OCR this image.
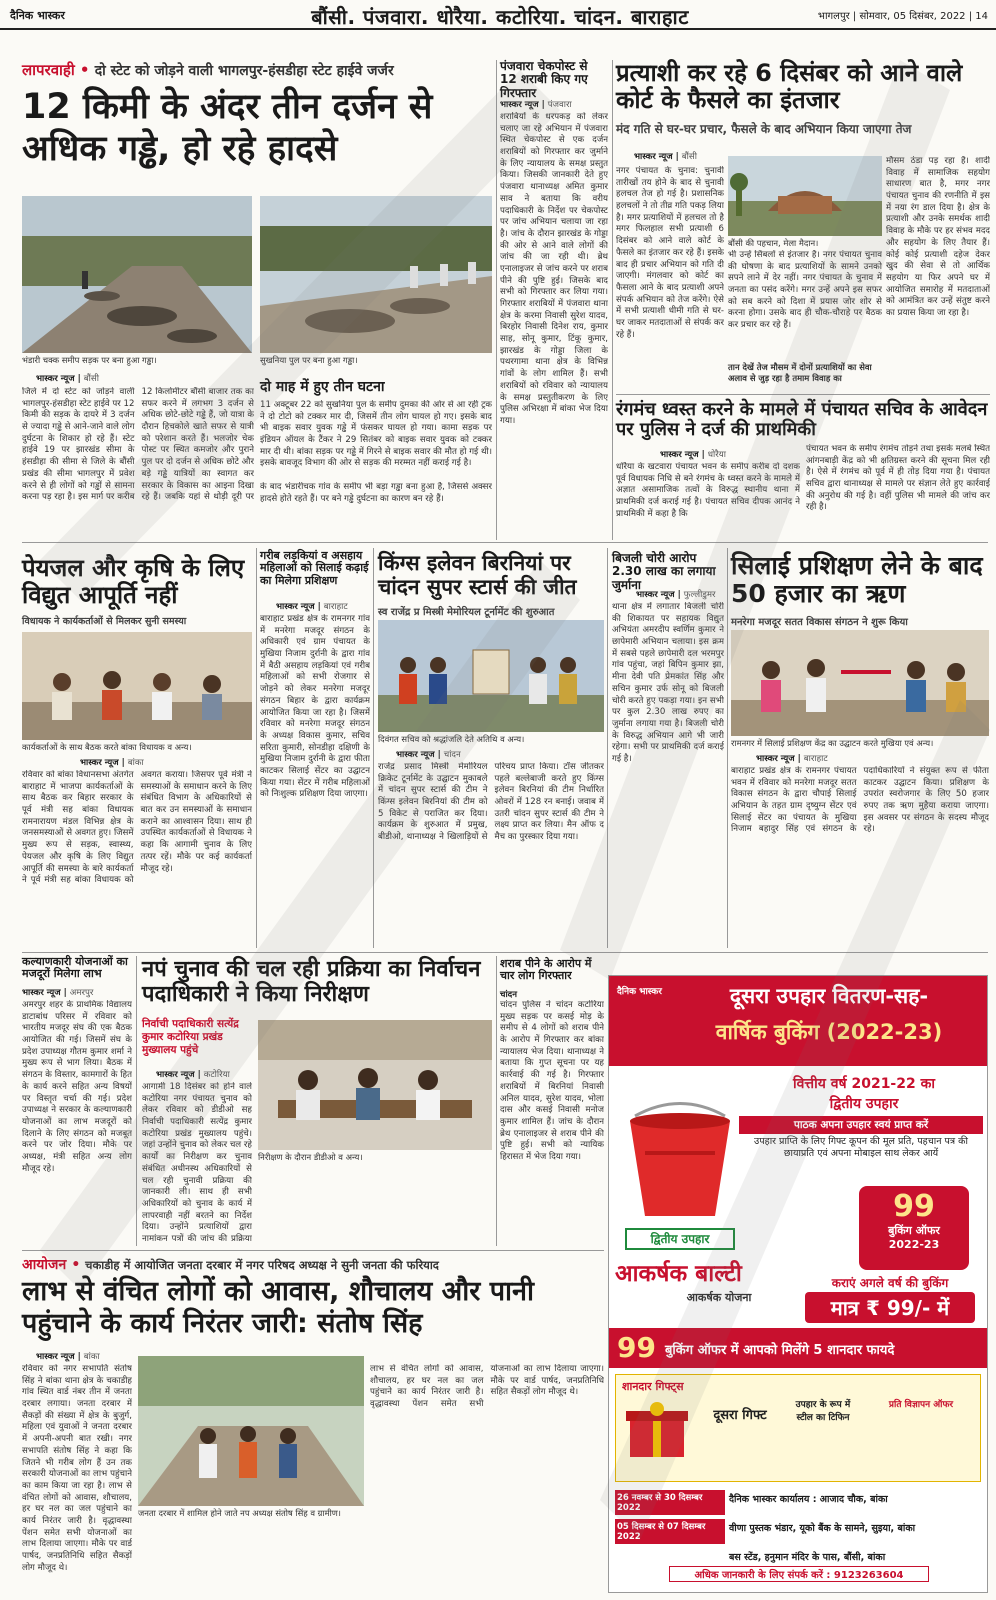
दैनिक भास्कर	बौंसी. पंजवारा. धोरैया. कटोरिया. चांदन. बाराहाट	भागलपुर | सोमवार, 05 दिसंबर, 2022 | 14
लापरवाही • दो स्टेट को जोड़ने वाली भागलपुर-हंसडीहा स्टेट हाईवे जर्जर
12 किमी के अंदर तीन दर्जन से अधिक गड्ढे, हो रहे हादसे
भंडारी चक्क समीप सड़क पर बना हुआ गड्ढा।	सुखनिया पुल पर बना हुआ गड्ढा।
भास्कर न्यूज | बौंसी
जिले में दो स्टेट को जोड़ने वाली भागलपुर-हंसडीहा स्टेट हाईवे पर 12 किमी की सड़क के दायरे में 3 दर्जन से ज्यादा गड्ढे से आने-जाने वाले लोग दुर्घटना के शिकार हो रहे हैं। स्टेट हाईवे 19 पर झारखंड सीमा के हंसडीहा की सीमा से जिले के बौंसी प्रखंड की सीमा भागलपुर में प्रवेश करने से ही लोगों को गड्ढों से सामना करना पड़ रहा है। इस मार्ग पर करीब 12 किलोमीटर बौंसी बाजार तक का सफर करने में लगभग 3 दर्जन से अधिक छोटे-छोटे गड्ढे हैं, जो यात्रा के दौरान हिचकोले खाते सफर से यात्री को परेशान करते हैं। भलजोर चेक पोस्ट पर स्थित कमजोर और पुराने पुल पर दो दर्जन से अधिक छोटे और बड़े गड्ढे यात्रियों का स्वागत कर सरकार के विकास का आइना दिखा रहे हैं। जबकि यहां से थोड़ी दूरी पर
दो माह में हुए तीन घटना
11 अक्टूबर 22 को सुखनिया पुल के समीप दुमका की ओर से आ रही ट्रक ने दो टोटो को टक्कर मार दी, जिसमें तीन लोग घायल हो गए। इसके बाद भी बाइक सवार युवक गड्ढे में फंसकर घायल हो गया। कामा सड़क पर इंडियन ऑयल के टैंकर ने 29 सितंबर को बाइक सवार युवक को टक्कर मार दी थी। बांका सड़क पर गड्ढे में गिरने से बाइक सवार की मौत हो गई थी। इसके बावजूद विभाग की ओर से सड़क की मरम्मत नहीं कराई गई है।
के बाद भंडारीचक गांव के समीप भी बड़ा गड्ढा बना हुआ है, जिससे अक्सर हादसे होते रहते हैं। पर बने गड्ढे दुर्घटना का कारण बन रहे हैं।
पंजवारा चेकपोस्ट से 12 शराबी किए गए गिरफ्तार
भास्कर न्यूज | पंजवारा
शराबियों के धरपकड़ को लेकर चलाए जा रहे अभियान में पंजवारा स्थित चेकपोस्ट से एक दर्जन शराबियों को गिरफ्तार कर जुर्माने के लिए न्यायालय के समक्ष प्रस्तुत किया। जिसकी जानकारी देते हुए पंजवारा थानाध्यक्ष अमित कुमार साव ने बताया कि वरीय पदाधिकारी के निर्देश पर चेकपोस्ट पर जांच अभियान चलाया जा रहा है। जांच के दौरान झारखंड के गोड्डा की ओर से आने वाले लोगों की जांच की जा रही थी। ब्रेथ एनालाइजर से जांच करने पर शराब पीने की पुष्टि हुई। जिसके बाद सभी को गिरफ्तार कर लिया गया। गिरफ्तार शराबियों में पंजवारा थाना क्षेत्र के करमा निवासी सुरेश यादव, बिरहोर निवासी दिनेश राय, कुमार साह, सोनू कुमार, टिंकू कुमार, झारखंड के गोड्डा जिला के पथरगामा थाना क्षेत्र के विभिन्न गांवों के लोग शामिल हैं। सभी शराबियों को रविवार को न्यायालय के समक्ष प्रस्तुतीकरण के लिए पुलिस अभिरक्षा में बांका भेज दिया गया।
प्रत्याशी कर रहे 6 दिसंबर को आने वाले कोर्ट के फैसले का इंतजार
मंद गति से घर-घर प्रचार, फैसले के बाद अभियान किया जाएगा तेज
भास्कर न्यूज | बौंसी
नगर पंचायत के चुनाव: चुनावी तारीखों तय होने के बाद से चुनावी हलचल तेज हो गई है। प्रशासनिक हलचलों ने तो तीव्र गति पकड़ लिया है। मगर प्रत्याशियों में हलचल तो है मगर फिलहाल सभी प्रत्याशी 6 दिसंबर को आने वाले कोर्ट के फैसले का इंतजार कर रहे हैं। इसके बाद ही प्रचार अभियान को गति दी जाएगी। मंगलवार को कोर्ट का फैसला आने के बाद प्रत्याशी अपने संपर्क अभियान को तेज करेंगे। ऐसे में सभी प्रत्याशी धीमी गति से घर-घर जाकर मतदाताओं से संपर्क कर रहे हैं।
बौंसी की पहचान, मेला मैदान।
भी उन्हें सिंबलों से इंतजार है। नगर पंचायत चुनाव की घोषणा के बाद प्रत्याशियों के सामने उनको सपने लाने में देर नहीं। नगर पंचायत के चुनाव में जनता का पसंद करेंगे। मगर उन्हें अपने इस सफर को सब करने को दिशा में प्रयास जोर शोर से करना होगा। उसके बाद ही चौक-चौराहे पर बैठक कर प्रचार कर रहे हैं।
तान देखें तेज मौसम में दोनों प्रत्याशियों का सेवा अलाव से जुड़ रहा है तमाम विवाह का
मौसम ठंडा पड़ रहा है। शादी विवाह में सामाजिक सहयोग साधारण बात है, मगर नगर पंचायत चुनाव की रणनीति में इस में नया रंग डाल दिया है। क्षेत्र के प्रत्याशी और उनके समर्थक शादी विवाह के मौके पर हर संभव मदद और सहयोग के लिए तैयार हैं। कोई कोई प्रत्याशी दहेज देकर खुद की सेवा से तो आर्थिक सहयोग या फिर अपने घर में आयोजित समारोह में मतदाताओं को आमंत्रित कर उन्हें संतुष्ट करने का प्रयास किया जा रहा है।
रंगमंच ध्वस्त करने के मामले में पंचायत सचिव के आवेदन पर पुलिस ने दर्ज की प्राथमिकी
भास्कर न्यूज | धोरैया
धोरैया के खटवारा पंचायत भवन के समीप करीब दो दशक पूर्व विधायक निधि से बने रंगमंच के ध्वस्त करने के मामले में अज्ञात असामाजिक तत्वों के विरुद्ध स्थानीय थाना में प्राथमिकी दर्ज कराई गई है। पंचायत सचिव दीपक आनंद ने प्राथमिकी में कहा है कि
पंचायत भवन के समीप रंगमंच तोड़ने तथा इसके मलबे स्थित आंगनबाड़ी केंद्र को भी क्षतिग्रस्त करने की सूचना मिल रही है। ऐसे में रंगमंच को पूर्व में ही तोड़ दिया गया है। पंचायत सचिव द्वारा थानाध्यक्ष से मामले पर संज्ञान लेते हुए कार्रवाई की अनुरोध की गई है। वहीं पुलिस भी मामले की जांच कर रही है।
पेयजल और कृषि के लिए विद्युत आपूर्ति नहीं
विधायक ने कार्यकर्ताओं से मिलकर सुनी समस्या
कार्यकर्ताओं के साथ बैठक करते बांका विधायक व अन्य।
भास्कर न्यूज | बांका
रविवार को बांका विधानसभा अंतर्गत बाराहाट में भाजपा कार्यकर्ताओं के साथ बैठक कर बिहार सरकार के पूर्व मंत्री सह बांका विधायक रामनारायण मंडल विभिन्न क्षेत्र के जनसमस्याओं से अवगत हुए। जिसमें मुख्य रूप से सड़क, स्वास्थ्य, पेयजल और कृषि के लिए विद्युत आपूर्ति की समस्या के बारे कार्यकर्ता ने पूर्व मंत्री सह बांका विधायक को अवगत कराया। जिसपर पूर्व मंत्री ने समस्याओं के समाधान करने के लिए संबंधित विभाग के अधिकारियों से बात कर उन समस्याओं के समाधान कराने का आश्वासन दिया। साथ ही उपस्थित कार्यकर्ताओं से विधायक ने कहा कि आगामी चुनाव के लिए तत्पर रहें। मौके पर कई कार्यकर्ता मौजूद रहे।
गरीब लड़कियां व असहाय महिलाओं को सिलाई कढ़ाई का मिलेगा प्रशिक्षण
भास्कर न्यूज | बाराहाट
बाराहाट प्रखंड क्षेत्र के रामनगर गांव में मनरेगा मजदूर संगठन के अधिकारी एवं ग्राम पंचायत के मुखिया निजाम दुर्रानी के द्वारा गांव में बैठी असहाय लड़कियां एवं गरीब महिलाओं को सभी रोजगार से जोड़ने को लेकर मनरेगा मजदूर संगठन बिहार के द्वारा कार्यक्रम आयोजित किया जा रहा है। जिसमें रविवार को मनरेगा मजदूर संगठन के अध्यक्ष विकास कुमार, सचिव सरिता कुमारी, सोनडीहा दक्षिणी के मुखिया निजाम दुर्रानी के द्वारा फीता काटकर सिलाई सेंटर का उद्घाटन किया गया। सेंटर में गरीब महिलाओं को निःशुल्क प्रशिक्षण दिया जाएगा।
किंग्स इलेवन बिरनियां पर चांदन सुपर स्टार्स की जीत
स्व राजेंद्र प्र मिस्त्री मेमोरियल टूर्नामेंट की शुरुआत
दिवंगत सचिव को श्रद्धांजलि देते अतिथि व अन्य।
भास्कर न्यूज | चांदन
राजेंद्र प्रसाद मिस्त्री मेमोरियल क्रिकेट टूर्नामेंट के उद्घाटन मुकाबले में चांदन सुपर स्टार्स की टीम ने किंग्स इलेवन बिरनियां की टीम को 5 विकेट से पराजित कर दिया। कार्यक्रम के शुरुआत में प्रमुख, बीडीओ, थानाध्यक्ष ने खिलाड़ियों से परिचय प्राप्त किया। टॉस जीतकर पहले बल्लेबाजी करते हुए किंग्स इलेवन बिरनियां की टीम निर्धारित ओवरों में 128 रन बनाई। जवाब में उतरी चांदन सुपर स्टार्स की टीम ने लक्ष्य प्राप्त कर लिया। मैन ऑफ द मैच का पुरस्कार दिया गया।
बिजली चोरी आरोप 2.30 लाख का लगाया जुर्माना
भास्कर न्यूज | फुल्लीडुमर
थाना क्षेत्र में लगातार बिजली चोरी की शिकायत पर सहायक विद्युत अभियंता अमरदीप स्वर्णिम कुमार ने छापेमारी अभियान चलाया। इस क्रम में सबसे पहले छापेमारी दल भरमपुर गांव पहुंचा, जहां बिपिन कुमार झा, मीना देवी पति प्रेमकांत सिंह और सचिन कुमार उर्फ सोनू को बिजली चोरी करते हुए पकड़ा गया। इन सभी पर कुल 2.30 लाख रुपए का जुर्माना लगाया गया है। बिजली चोरी के विरुद्ध अभियान आगे भी जारी रहेगा। सभी पर प्राथमिकी दर्ज कराई गई है।
सिलाई प्रशिक्षण लेने के बाद 50 हजार का ऋण
मनरेगा मजदूर सतत विकास संगठन ने शुरू किया
रामनगर में सिलाई प्रशिक्षण केंद्र का उद्घाटन करते मुखिया एवं अन्य।
भास्कर न्यूज | बाराहाट
बाराहाट प्रखंड क्षेत्र के रामनगर पंचायत भवन में रविवार को मनरेगा मजदूर सतत विकास संगठन के द्वारा चौपाई सिलाई अभियान के तहत ग्राम दृष्युग्न सेंटर एवं सिलाई सेंटर का पंचायत के मुखिया निजाम बहादुर सिंह एवं संगठन के पदाधिकारियों ने संयुक्त रूप से फीता काटकर उद्घाटन किया। प्रशिक्षण के उपरांत स्वरोजगार के लिए 50 हजार रुपए तक ऋण मुहैया कराया जाएगा। इस अवसर पर संगठन के सदस्य मौजूद रहे।
कल्याणकारी योजनाओं का मजदूरों मिलेगा लाभ
भास्कर न्यूज | अमरपुर
अमरपुर शहर के प्राथमिक विद्यालय डाटाबांध परिसर में रविवार को भारतीय मजदूर संघ की एक बैठक आयोजित की गई। जिसमें संघ के प्रदेश उपाध्यक्ष गौतम कुमार शर्मा ने मुख्य रूप से भाग लिया। बैठक में संगठन के विस्तार, कामगारों के हित के कार्य करने सहित अन्य विषयों पर विस्तृत चर्चा की गई। प्रदेश उपाध्यक्ष ने सरकार के कल्याणकारी योजनाओं का लाभ मजदूरों को दिलाने के लिए संगठन को मजबूत करने पर जोर दिया। मौके पर अध्यक्ष, मंत्री सहित अन्य लोग मौजूद रहे।
नपं चुनाव की चल रही प्रक्रिया का निर्वाचन पदाधिकारी ने किया निरीक्षण
निर्वाची पदाधिकारी सत्येंद्र कुमार कटोरिया प्रखंड मुख्यालय पहुंचे
भास्कर न्यूज | कटोरिया
आगामी 18 दिसंबर को होने वाले कटोरिया नगर पंचायत चुनाव को लेकर रविवार को डीडीओ सह निर्वाची पदाधिकारी सत्येंद्र कुमार कटोरिया प्रखंड मुख्यालय पहुंचे। जहां उन्होंने चुनाव को लेकर चल रहे कार्यों का निरीक्षण कर चुनाव संबंधित अधीनस्थ अधिकारियों से चल रही चुनावी प्रक्रिया की जानकारी ली। साथ ही सभी अधिकारियों को चुनाव के कार्य में लापरवाही नहीं बरतने का निर्देश दिया। उन्होंने प्रत्याशियों द्वारा नामांकन पत्रों की जांच की प्रक्रिया
निरीक्षण के दौरान डीडीओ व अन्य।
शराब पीने के आरोप में चार लोग गिरफ्तार
चांदन
चांदन पुलिस ने चांदन कटोरिया मुख्य सड़क पर कसई मोड़ के समीप से 4 लोगों को शराब पीने के आरोप में गिरफ्तार कर बांका न्यायालय भेज दिया। थानाध्यक्ष ने बताया कि गुप्त सूचना पर यह कार्रवाई की गई है। गिरफ्तार शराबियों में बिरनियां निवासी अनिल यादव, सुरेश यादव, भोला दास और कसई निवासी मनोज कुमार शामिल हैं। जांच के दौरान ब्रेथ एनालाइजर से शराब पीने की पुष्टि हुई। सभी को न्यायिक हिरासत में भेज दिया गया।
आयोजन • चकाडीह में आयोजित जनता दरबार में नगर परिषद अध्यक्ष ने सुनी जनता की फरियाद
लाभ से वंचित लोगों को आवास, शौचालय और पानी पहुंचाने के कार्य निरंतर जारी: संतोष सिंह
भास्कर न्यूज | बांका
रविवार को नगर सभापति संतोष सिंह ने बांका थाना क्षेत्र के चकाडीह गांव स्थित वार्ड नंबर तीन में जनता दरबार लगाया। जनता दरबार में सैकड़ों की संख्या में क्षेत्र के बुजुर्ग, महिला एवं युवाओं ने जनता दरबार में अपनी-अपनी बात रखी। नगर सभापति संतोष सिंह ने कहा कि जितने भी गरीब लोग हैं उन तक सरकारी योजनाओं का लाभ पहुंचाने का काम किया जा रहा है। लाभ से वंचित लोगों को आवास, शौचालय, हर घर नल का जल पहुंचाने का कार्य निरंतर जारी है। वृद्धावस्था पेंशन समेत सभी योजनाओं का लाभ दिलाया जाएगा। मौके पर वार्ड पार्षद, जनप्रतिनिधि सहित सैकड़ों लोग मौजूद थे।
जनता दरबार में शामिल होने जाते नप अध्यक्ष संतोष सिंह व ग्रामीण।
लाभ से वंचित लोगों को आवास, शौचालय, हर घर नल का जल पहुंचाने का कार्य निरंतर जारी है। वृद्धावस्था पेंशन समेत सभी योजनाओं का लाभ दिलाया जाएगा। मौके पर वार्ड पार्षद, जनप्रतिनिधि सहित सैकड़ों लोग मौजूद थे।
दैनिक भास्कर	दूसरा उपहार वितरण-सह-
वार्षिक बुकिंग (2022-23)
वित्तीय वर्ष 2021-22 का
द्वितीय उपहार
पाठक अपना उपहार स्वयं प्राप्त करें
उपहार प्राप्ति के लिए गिफ्ट कूपन की मूल प्रति, पहचान पत्र की छायाप्रति एवं अपना मोबाइल साथ लेकर आयें
द्वितीय उपहार
आकर्षक बाल्टी
आकर्षक योजना
99
बुकिंग ऑफर
2022-23
कराएं अगले वर्ष की बुकिंग
मात्र ₹ 99/- में
99 बुकिंग ऑफर में आपको मिलेंगे 5 शानदार फायदे
शानदार गिफ्ट्स
दूसरा गिफ्ट
उपहार के रूप में स्टील का टिफिन
प्रति विज्ञापन ऑफर
26 नवम्बर से 30 दिसम्बर 2022
दैनिक भास्कर कार्यालय : आजाद चौक, बांका
05 दिसम्बर से 07 दिसम्बर 2022
वीणा पुस्तक भंडार, यूको बैंक के सामने, सुइया, बांका
बस स्टेंड, हनुमान मंदिर के पास, बौंसी, बांका
अधिक जानकारी के लिए संपर्क करें : 9123263604
